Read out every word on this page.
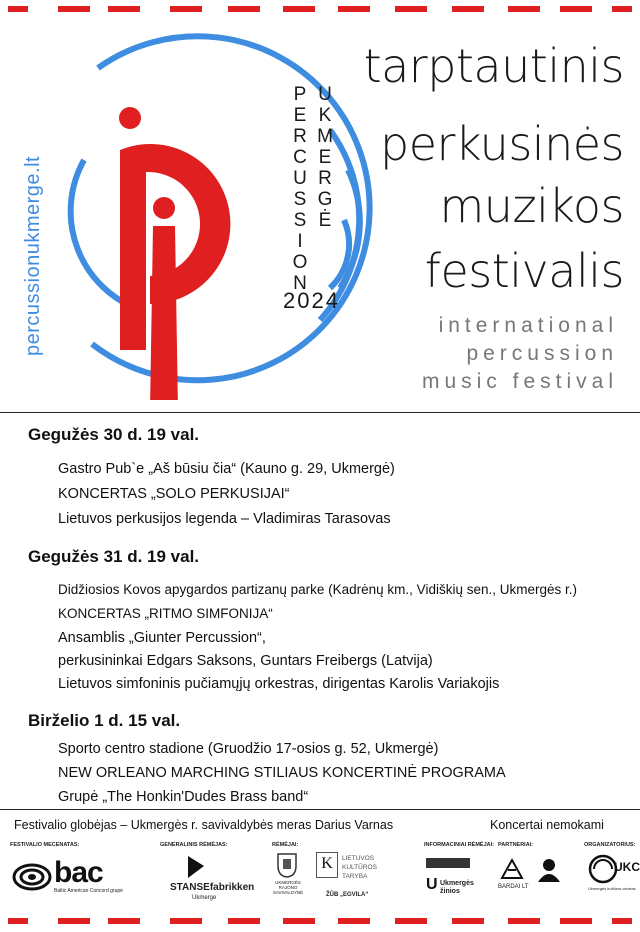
percussionukmerge.lt
P
E
R
C
U
S
S
I
O
N
U
K
M
E
R
G
Ė
2024
tarptautinis
perkusinės
muzikos
festivalis
international
percussion
music festival
Gegužės 30 d. 19 val.
Gastro Pub`e „Aš būsiu čia“ (Kauno g. 29, Ukmergė)
KONCERTAS „SOLO PERKUSIJAI“
Lietuvos perkusijos legenda – Vladimiras Tarasovas
Gegužės 31 d. 19 val.
Didžiosios Kovos apygardos partizanų parke (Kadrėnų km., Vidiškių sen., Ukmergės r.)
KONCERTAS „RITMO SIMFONIJA“
Ansamblis „Giunter Percussion“,
perkusininkai Edgars Saksons, Guntars Freibergs (Latvija)
Lietuvos simfoninis pučiamųjų orkestras, dirigentas Karolis Variakojis
Birželio 1 d. 15 val.
Sporto centro stadione (Gruodžio 17-osios g. 52, Ukmergė)
NEW ORLEANO MARCHING STILIAUS KONCERTINĖ PROGRAMA
Grupė „The Honkin'Dudes Brass band“
Festivalio globėjas – Ukmergės r. savivaldybės meras Darius Varnas	Koncertai nemokami
FESTIVALIO MECENATAS:	GENERALINIS RĖMĖJAS:	RĖMĖJAI:	INFORMACINIAI RĖMĖJAI: PARTNERIAI:	ORGANIZATORIUS:
bac
Baltic American Concord grupė	STANSEfabrikken
Ukmerge
UKMERGĖS RAJONO SAVIVALDYBĖ
K	LIETUVOS KULTŪROS TARYBA
ŽŪB „EGVILA“
U Ukmergės žinios
BARDAI LT
UKC
Ukmergės kultūros centras
